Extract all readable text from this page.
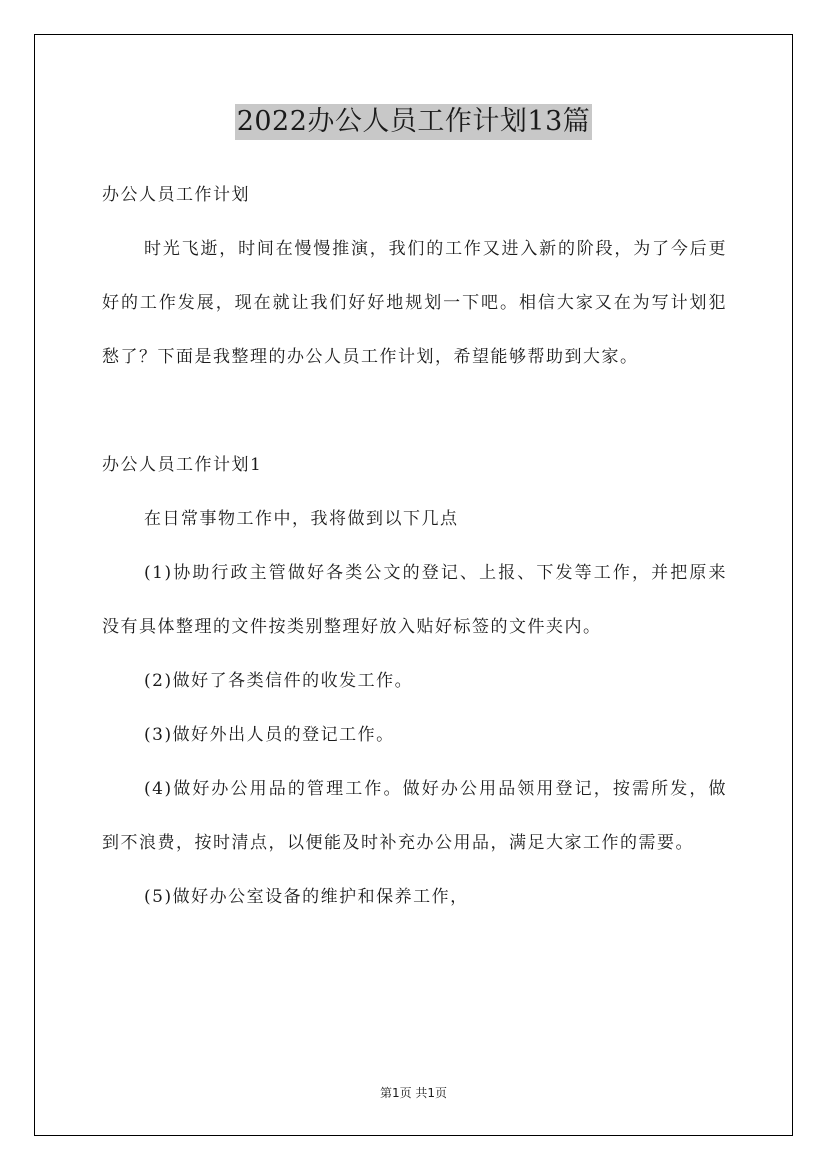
2022办公人员工作计划13篇

办公人员工作计划

时光飞逝，时间在慢慢推演，我们的工作又进入新的阶段，为了今后更好的工作发展，现在就让我们好好地规划一下吧。相信大家又在为写计划犯愁了？下面是我整理的办公人员工作计划，希望能够帮助到大家。

办公人员工作计划1

在日常事物工作中，我将做到以下几点

(1)协助行政主管做好各类公文的登记、上报、下发等工作，并把原来没有具体整理的文件按类别整理好放入贴好标签的文件夹内。

(2)做好了各类信件的收发工作。

(3)做好外出人员的登记工作。

(4)做好办公用品的管理工作。做好办公用品领用登记，按需所发，做到不浪费，按时清点，以便能及时补充办公用品，满足大家工作的需要。

(5)做好办公室设备的维护和保养工作，

第1页 共1页
